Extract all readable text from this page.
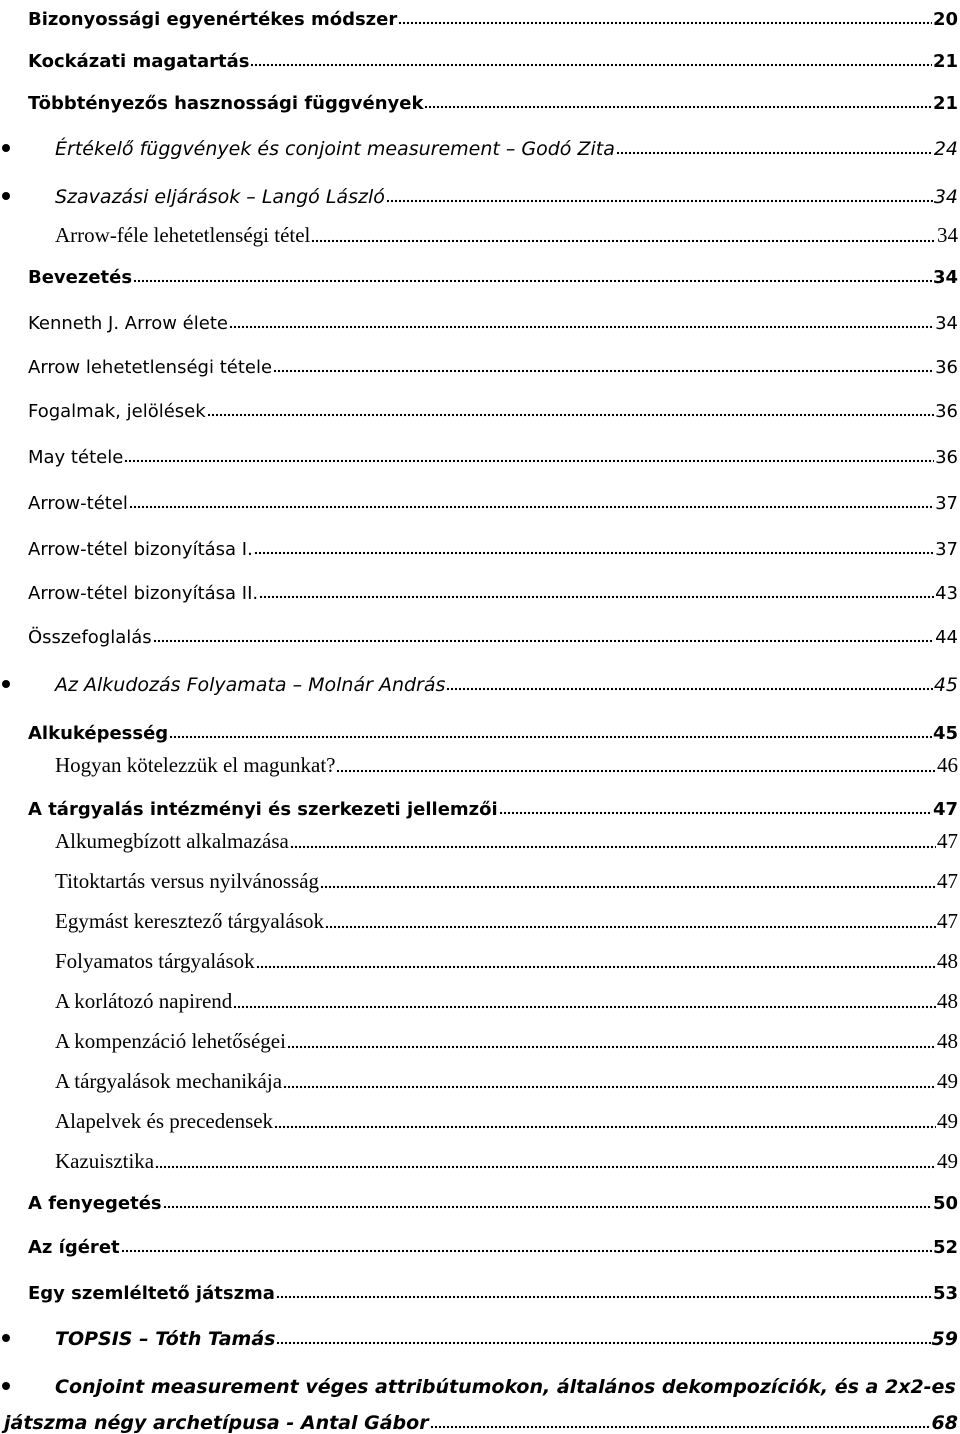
Bizonyossági egyenértékes módszer	20
Kockázati magatartás	21
Többtényezős hasznossági függvények	21
Értékelő függvények és conjoint measurement – Godó Zita	24
Szavazási eljárások – Langó László	34
Arrow-féle lehetetlenségi tétel	34
Bevezetés	34
Kenneth J. Arrow élete	34
Arrow lehetetlenségi tétele	36
Fogalmak, jelölések	36
May tétele	36
Arrow-tétel	37
Arrow-tétel bizonyítása I.	37
Arrow-tétel bizonyítása II.	43
Összefoglalás	44
Az Alkudozás Folyamata – Molnár András	45
Alkuképesség	45
Hogyan kötelezzük el magunkat?	46
A tárgyalás intézményi és szerkezeti jellemzői	47
Alkumegbízott alkalmazása	47
Titoktartás versus nyilvánosság	47
Egymást keresztező tárgyalások	47
Folyamatos tárgyalások	48
A korlátozó napirend	48
A kompenzáció lehetőségei	48
A tárgyalások mechanikája	49
Alapelvek és precedensek	49
Kazuisztika	49
A fenyegetés	50
Az ígéret	52
Egy szemléltető játszma	53
TOPSIS – Tóth Tamás	59
Conjoint measurement véges attribútumokon, általános dekompozíciók, és a 2x2-es
játszma négy archetípusa - Antal Gábor	68
